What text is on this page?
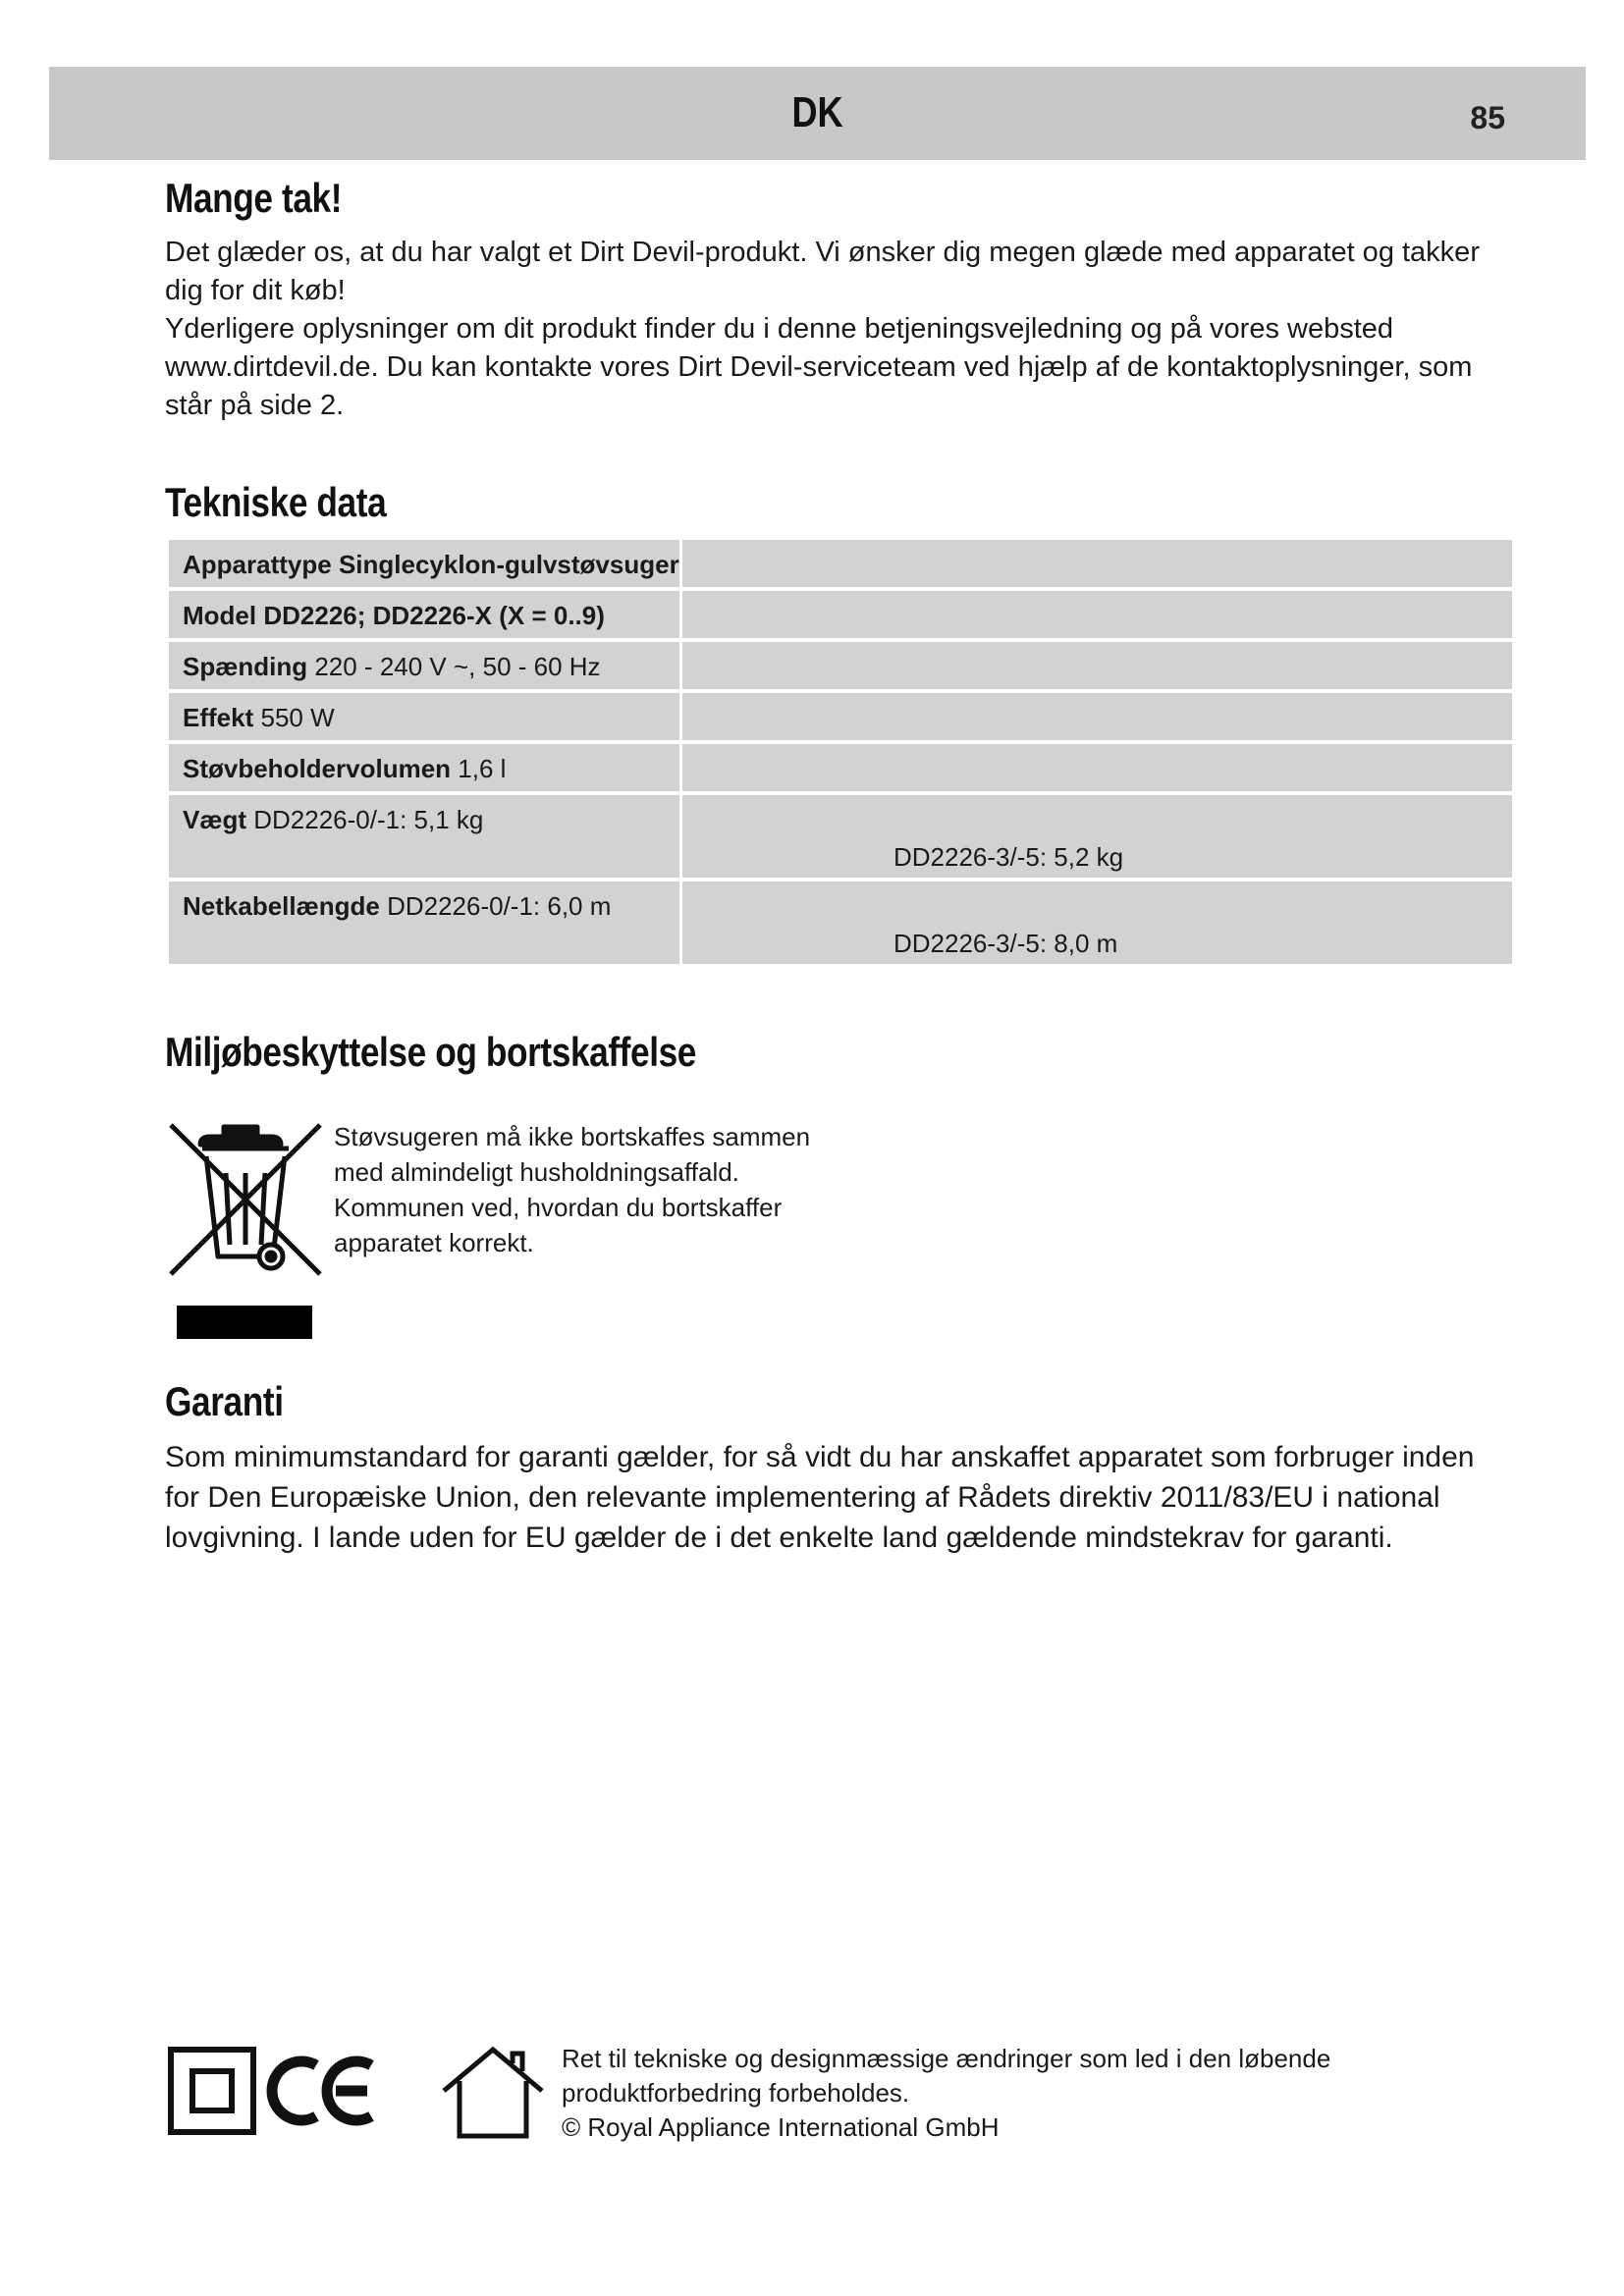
DK	85
Mange tak!

Det glæder os, at du har valgt et Dirt Devil-produkt. Vi ønsker dig megen glæde med apparatet og takker dig for dit køb!

Yderligere oplysninger om dit produkt finder du i denne betjeningsvejledning og på vores websted www.dirtdevil.de. Du kan kontakte vores Dirt Devil-serviceteam ved hjælp af de kontaktoplysninger, som står på side 2.

Tekniske data
Apparattype Singlecyklon-gulvstøvsuger	

Model DD2226; DD2226-X (X = 0..9)	

Spænding 220 - 240 V ~, 50 - 60 Hz	

Effekt 550 W	

Støvbeholdervolumen 1,6 l	

Vægt DD2226-0/-1: 5,1 kg
DD2226-3/-5: 5,2 kg	

Netkabellængde DD2226-0/-1: 6,0 m
DD2226-3/-5: 8,0 m	

Miljøbeskyttelse og bortskaffelse
Støvsugeren må ikke bortskaffes sammen med almindeligt husholdningsaffald. Kommunen ved, hvordan du bortskaffer apparatet korrekt.
Garanti
Som minimumstandard for garanti gælder, for så vidt du har anskaffet apparatet som forbruger inden for Den Europæiske Union, den relevante implementering af Rådets direktiv 2011/83/EU i national lovgivning. I lande uden for EU gælder de i det enkelte land gældende mindstekrav for garanti.

Ret til tekniske og designmæssige ændringer som led i den løbende produktforbedring forbeholdes.

© Royal Appliance International GmbH
